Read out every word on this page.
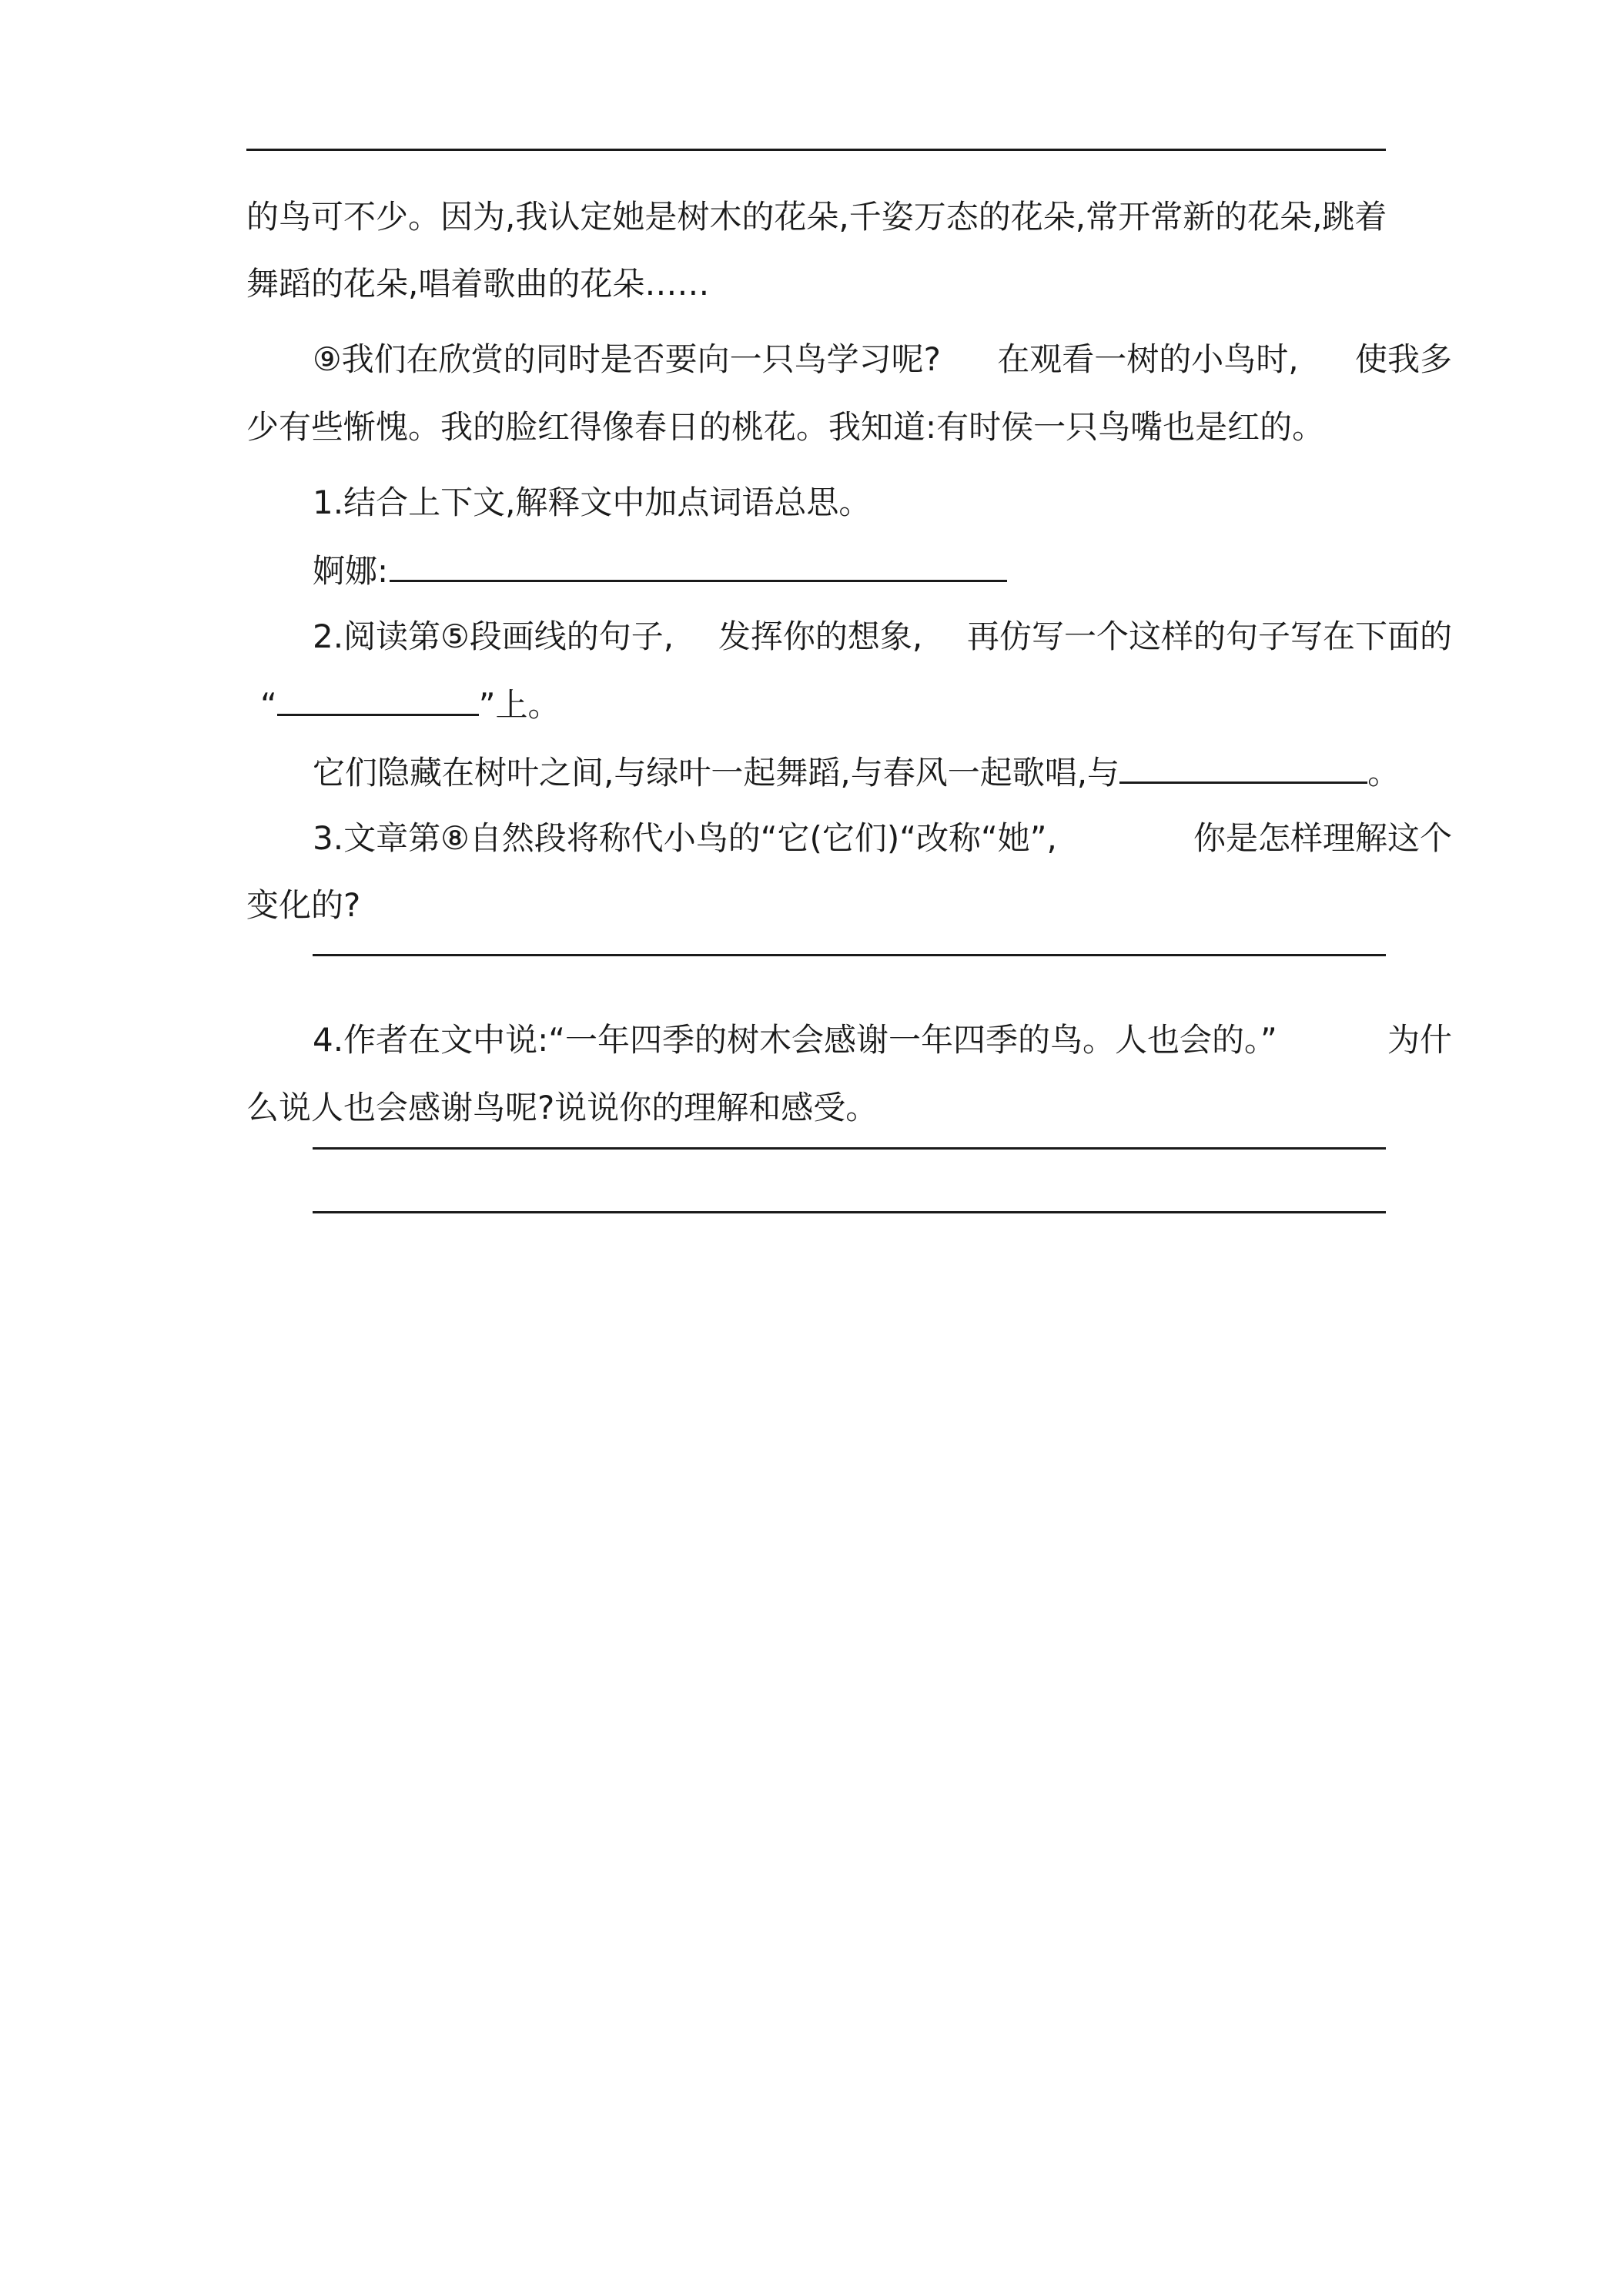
的鸟可不少。因为,我认定她是树木的花朵, 千姿万态的花朵, 常开常新的花朵, 跳着
舞蹈的花朵,唱着歌曲的花朵……
⑨我们在欣赏的同时是否要向一只鸟学习呢? 在观看一树的小鸟时, 使我多
少有些惭愧。我的脸红得像春日的桃花。我知道:有时侯一只鸟嘴也是红的。
1.结合上下文,解释文中加点词语总思。
婀娜:
2.阅读第⑤段画线的句子, 发挥你的想象, 再仿写一个这样的句子写在下面的
“	”上。
它们隐藏在树叶之间,与绿叶一起舞蹈,与春风一起歌唱,与	。
3.文章第⑧自然段将称代小鸟的“它(它们)“改称“她”,	你是怎样理解这个
变化的?
4.作者在文中说:“一年四季的树木会感谢一年四季的鸟。人也会的。”	为什
么说人也会感谢鸟呢?说说你的理解和感受。
